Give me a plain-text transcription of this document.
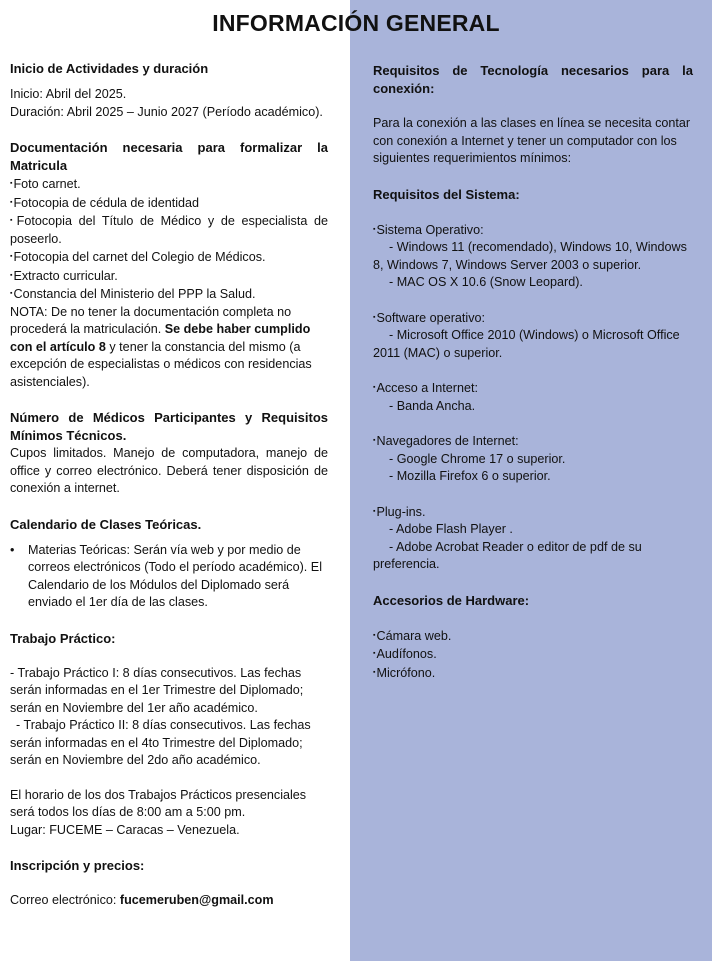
INFORMACIÓN GENERAL
Inicio de Actividades y duración

Inicio: Abril del 2025.

Duración: Abril 2025 – Junio 2027 (Período académico).

Documentación necesaria para formalizar la Matricula
▪Foto carnet.
▪Fotocopia de cédula de identidad
▪Fotocopia del Título de Médico y de especialista de poseerlo.
▪Fotocopia del carnet del Colegio de Médicos.
▪Extracto curricular.
▪Constancia del Ministerio del PPP la Salud.

NOTA: De no tener la documentación completa no procederá la matriculación. Se debe haber cumplido con el artículo 8 y tener la constancia del mismo (a excepción de especialistas o médicos con residencias asistenciales).

Número de Médicos Participantes y Requisitos Mínimos Técnicos.

Cupos limitados. Manejo de computadora, manejo de office y correo electrónico. Deberá tener disposición de conexión a internet.

Calendario de Clases Teóricas.
• Materias Teóricas: Serán vía web y por medio de correos electrónicos (Todo el período académico). El Calendario de los Módulos del Diplomado será enviado el 1er día de las clases.
Trabajo Práctico:

- Trabajo Práctico I: 8 días consecutivos. Las fechas serán informadas en el 1er Trimestre del Diplomado; serán en Noviembre del 1er año académico.

- Trabajo Práctico II: 8 días consecutivos. Las fechas serán informadas en el 4to Trimestre del Diplomado; serán en Noviembre del 2do año académico.

El horario de los dos Trabajos Prácticos presenciales será todos los días de 8:00 am a 5:00 pm.

Lugar: FUCEME – Caracas – Venezuela.

Inscripción y precios:

Correo electrónico: fucemeruben@gmail.com

Requisitos de Tecnología necesarios para la conexión:

Para la conexión a las clases en línea se necesita contar con conexión a Internet y tener un computador con los siguientes requerimientos mínimos:

Requisitos del Sistema:
▪Sistema Operativo:
- Windows 11 (recomendado), Windows 10, Windows 8, Windows 7, Windows Server 2003 o superior.
- MAC OS X 10.6 (Snow Leopard).
▪Software operativo:
- Microsoft Office 2010 (Windows) o Microsoft Office 2011 (MAC) o superior.
▪Acceso a Internet:
- Banda Ancha.
▪Navegadores de Internet:
- Google Chrome 17 o superior.
- Mozilla Firefox 6 o superior.
▪Plug-ins.
- Adobe Flash Player .
- Adobe Acrobat Reader o editor de pdf de su preferencia.
Accesorios de Hardware:
▪Cámara web.
▪Audífonos.
▪Micrófono.
